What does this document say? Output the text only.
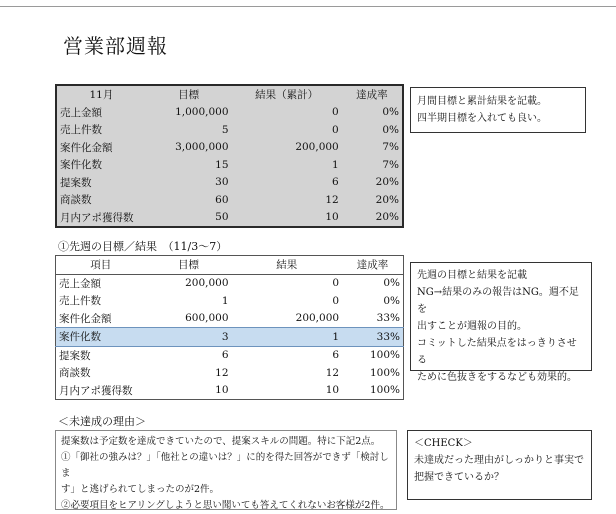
営業部週報
11月	目標	結果（累計）	達成率
売上金額	1,000,000	0	0%
売上件数	5	0	0%
案件化金額	3,000,000	200,000	7%
案件化数	15	1	7%
提案数	30	6	20%
商談数	60	12	20%
月内アポ獲得数	50	10	20%
月間目標と累計結果を記載。
四半期目標を入れても良い。
①先週の目標／結果　（11/3～7）
項目	目標	結果	達成率
売上金額	200,000	0	0%
売上件数	1	0	0%
案件化金額	600,000	200,000	33%
案件化数	3	1	33%
提案数	6	6	100%
商談数	12	12	100%
月内アポ獲得数	10	10	100%
先週の目標と結果を記載
NG→結果のみの報告はNG。週不足を
出すことが週報の目的。
コミットした結果点をはっきりさせる
ために色抜きをするなども効果的。
＜未達成の理由＞
提案数は予定数を達成できていたので、提案スキルの問題。特に下記2点。
①「御社の強みは？」「他社との違いは？」に的を得た回答ができず「検討しま
す」と逃げられてしまったのが2件。
②必要項目をヒアリングしようと思い聞いても答えてくれないお客様が2件。
＜CHECK＞
未達成だった理由がしっかりと事実で
把握できているか？
